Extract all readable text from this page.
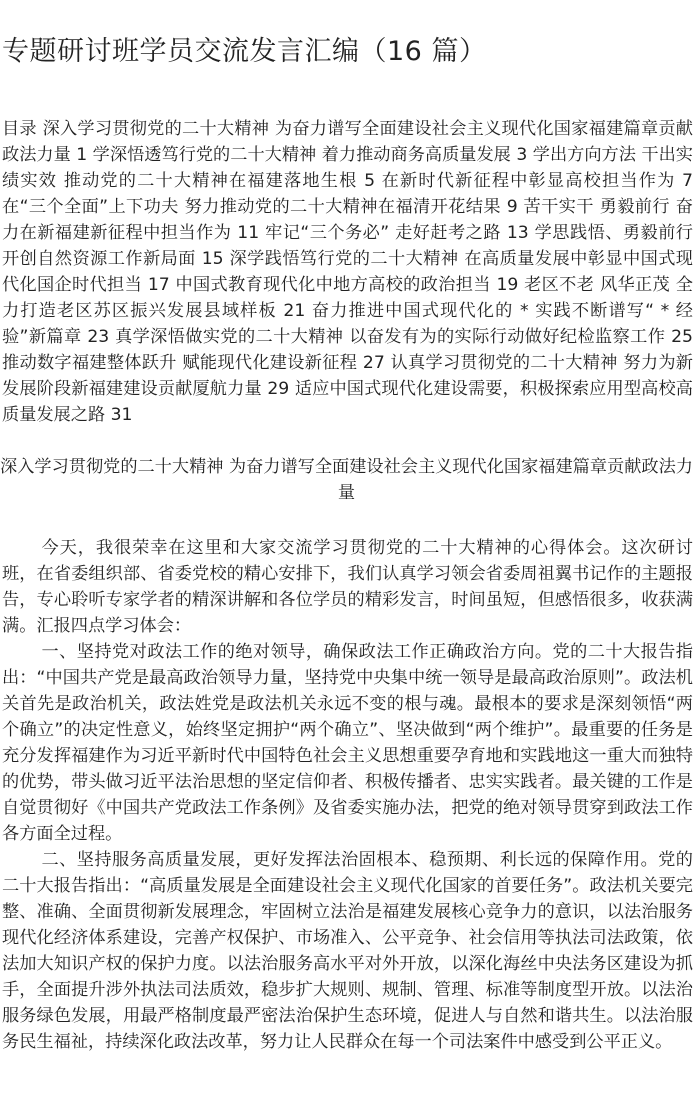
专题研讨班学员交流发言汇编（16 篇）

目录 深入学习贯彻党的二十大精神 为奋力谱写全面建设社会主义现代化国家福建篇章贡献政法力量 1 学深悟透笃行党的二十大精神 着力推动商务高质量发展 3 学出方向方法 干出实绩实效 推动党的二十大精神在福建落地生根 5 在新时代新征程中彰显高校担当作为 7 在“三个全面”上下功夫 努力推动党的二十大精神在福清开花结果 9 苦干实干 勇毅前行 奋力在新福建新征程中担当作为 11 牢记“三个务必” 走好赶考之路 13 学思践悟、勇毅前行 开创自然资源工作新局面 15 深学践悟笃行党的二十大精神 在高质量发展中彰显中国式现代化国企时代担当 17 中国式教育现代化中地方高校的政治担当 19 老区不老 风华正茂 全力打造老区苏区振兴发展县域样板 21 奋力推进中国式现代化的 * 实践不断谱写“ * 经验”新篇章 23 真学深悟做实党的二十大精神 以奋发有为的实际行动做好纪检监察工作 25 推动数字福建整体跃升 赋能现代化建设新征程 27 认真学习贯彻党的二十大精神 努力为新发展阶段新福建建设贡献厦航力量 29 适应中国式现代化建设需要，积极探索应用型高校高质量发展之路 31

深入学习贯彻党的二十大精神 为奋力谱写全面建设社会主义现代化国家福建篇章贡献政法力量

今天，我很荣幸在这里和大家交流学习贯彻党的二十大精神的心得体会。这次研讨班，在省委组织部、省委党校的精心安排下，我们认真学习领会省委周祖翼书记作的主题报告，专心聆听专家学者的精深讲解和各位学员的精彩发言，时间虽短，但感悟很多，收获满满。汇报四点学习体会：

一、坚持党对政法工作的绝对领导，确保政法工作正确政治方向。党的二十大报告指出：“中国共产党是最高政治领导力量，坚持党中央集中统一领导是最高政治原则”。政法机关首先是政治机关，政法姓党是政法机关永远不变的根与魂。最根本的要求是深刻领悟“两个确立”的决定性意义，始终坚定拥护“两个确立”、坚决做到“两个维护”。最重要的任务是充分发挥福建作为习近平新时代中国特色社会主义思想重要孕育地和实践地这一重大而独特的优势，带头做习近平法治思想的坚定信仰者、积极传播者、忠实实践者。最关键的工作是自觉贯彻好《中国共产党政法工作条例》及省委实施办法，把党的绝对领导贯穿到政法工作各方面全过程。

二、坚持服务高质量发展，更好发挥法治固根本、稳预期、利长远的保障作用。党的二十大报告指出：“高质量发展是全面建设社会主义现代化国家的首要任务”。政法机关要完整、准确、全面贯彻新发展理念，牢固树立法治是福建发展核心竞争力的意识，以法治服务现代化经济体系建设，完善产权保护、市场准入、公平竞争、社会信用等执法司法政策，依法加大知识产权的保护力度。以法治服务高水平对外开放，以深化海丝中央法务区建设为抓手，全面提升涉外执法司法质效，稳步扩大规则、规制、管理、标准等制度型开放。以法治服务绿色发展，用最严格制度最严密法治保护生态环境，促进人与自然和谐共生。以法治服务民生福祉，持续深化政法改革，努力让人民群众在每一个司法案件中感受到公平正义。
